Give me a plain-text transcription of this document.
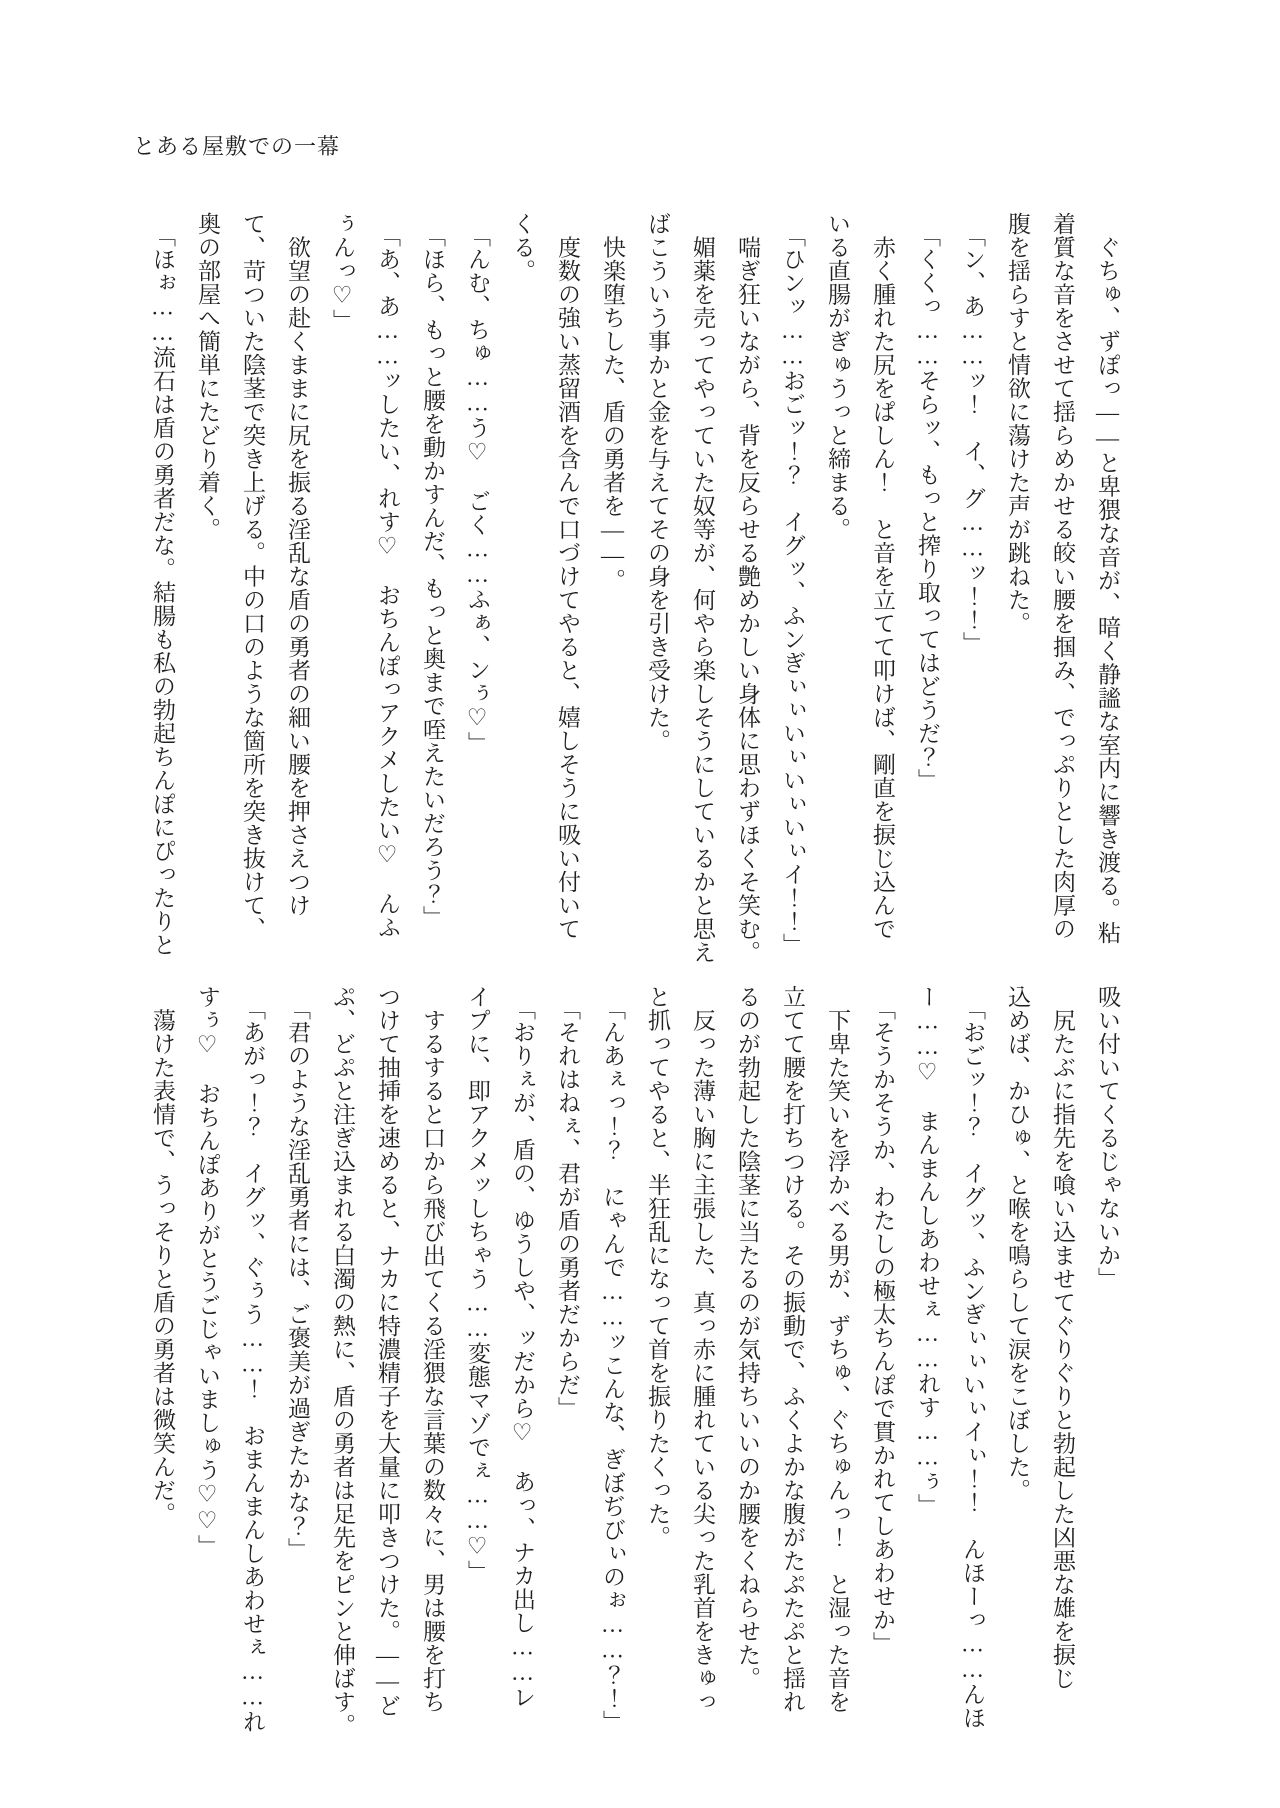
とある屋敷での一幕

　ぐちゅ、ずぽっ――と卑猥な音が、暗く静謐な室内に響き渡る。粘

着質な音をさせて揺らめかせる皎い腰を掴み、でっぷりとした肉厚の

腹を揺らすと情欲に蕩けた声が跳ねた。

　「ン、あ……ッ！　イ、グ……ッ！！」

　「くくっ……そらッ、もっと搾り取ってはどうだ？」

　赤く腫れた尻をぱしん！　と音を立てて叩けば、剛直を捩じ込んで

いる直腸がぎゅうっと締まる。

　「ひンッ……おごッ！？　イグッ、ふンぎぃぃいぃいぃいぃイ！！」

　喘ぎ狂いながら、背を反らせる艶めかしい身体に思わずほくそ笑む。

　媚薬を売ってやっていた奴等が、何やら楽しそうにしているかと思え

ばこういう事かと金を与えてその身を引き受けた。

　快楽堕ちした、盾の勇者を――。

　度数の強い蒸留酒を含んで口づけてやると、嬉しそうに吸い付いて

くる。

　「んむ、ちゅ……う♡　ごく……ふぁ、ンぅ♡」

　「ほら、もっと腰を動かすんだ、もっと奥まで咥えたいだろう？」

　「あ、あ……ッしたい、れす♡　おちんぽっアクメしたい♡　んふ

ぅんっ♡」

　欲望の赴くままに尻を振る淫乱な盾の勇者の細い腰を押さえつけ

て、苛ついた陰茎で突き上げる。中の口のような箇所を突き抜けて、

奥の部屋へ簡単にたどり着く。

　「ほぉ……流石は盾の勇者だな。結腸も私の勃起ちんぽにぴったりと

吸い付いてくるじゃないか」

　尻たぶに指先を喰い込ませてぐりぐりと勃起した凶悪な雄を捩じ

込めば、かひゅ、と喉を鳴らして涙をこぼした。

　「おごッ！？　イグッ、ふンぎぃぃいぃイぃ！！　んほーっ……んほ

ー……♡　まんまんしあわせぇ……れす……ぅ」

　「そうかそうか、わたしの極太ちんぽで貫かれてしあわせか」

　下卑た笑いを浮かべる男が、ずちゅ、ぐちゅんっ！　と湿った音を

立てて腰を打ちつける。その振動で、ふくよかな腹がたぷたぷと揺れ

るのが勃起した陰茎に当たるのが気持ちいいのか腰をくねらせた。

　反った薄い胸に主張した、真っ赤に腫れている尖った乳首をきゅっ

と抓ってやると、半狂乱になって首を振りたくった。

　「んあぇっ！？　にゃんで……ッこんな、ぎぼぢびぃのぉ……？！」

　「それはねぇ、君が盾の勇者だからだ」

　「おりぇが、盾の、ゆうしや、ッだから♡　あっ、ナカ出し……レ

イプに、即アクメッしちゃう……変態マゾでぇ……♡」

　するすると口から飛び出てくる淫猥な言葉の数々に、男は腰を打ち

つけて抽挿を速めると、ナカに特濃精子を大量に叩きつけた。――ど

ぷ、どぷと注ぎ込まれる白濁の熱に、盾の勇者は足先をピンと伸ばす。

　「君のような淫乱勇者には、ご褒美が過ぎたかな？」

　「あがっ！？　イグッ、ぐぅう……！　おまんまんしあわせぇ……れ

すぅ♡　おちんぽありがとうごじゃいましゅう♡♡」

　蕩けた表情で、うっそりと盾の勇者は微笑んだ。
